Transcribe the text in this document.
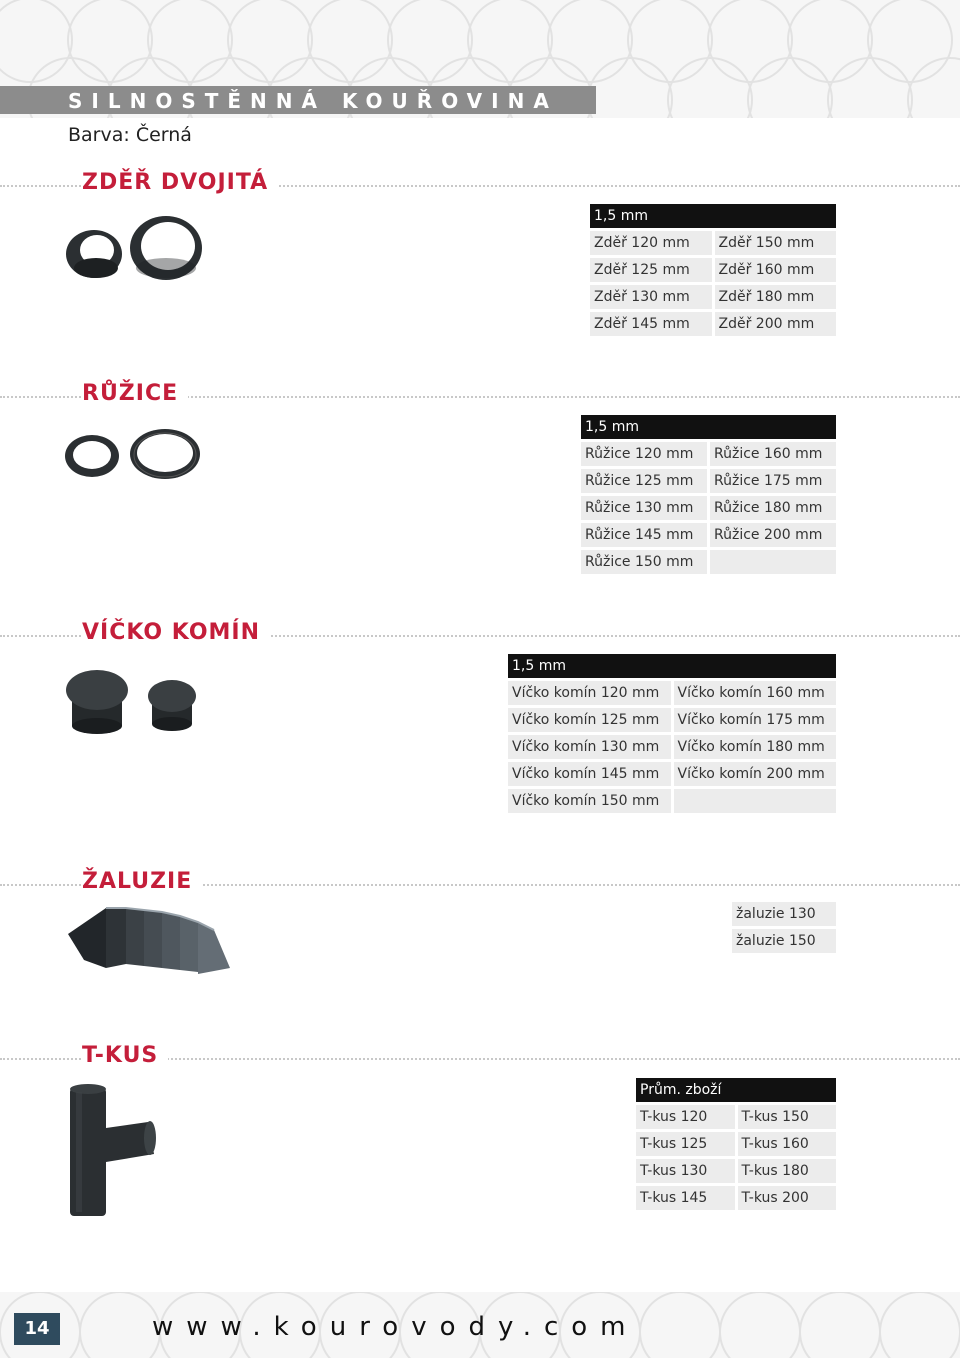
SILNOSTĚNNÁ KOUŘOVINA
Barva: Černá
ZDĚŘ DVOJITÁ
1,5 mm	
Zděř 120 mm	Zděř 150 mm
Zděř 125 mm	Zděř 160 mm
Zděř 130 mm	Zděř 180 mm
Zděř 145 mm	Zděř 200 mm
RŮŽICE
1,5 mm	
Růžice 120 mm	Růžice 160 mm
Růžice 125 mm	Růžice 175 mm
Růžice 130 mm	Růžice 180 mm
Růžice 145 mm	Růžice 200 mm
Růžice 150 mm	
VÍČKO KOMÍN
1,5 mm	
Víčko komín 120 mm	Víčko komín 160 mm
Víčko komín 125 mm	Víčko komín 175 mm
Víčko komín 130 mm	Víčko komín 180 mm
Víčko komín 145 mm	Víčko komín 200 mm
Víčko komín 150 mm	
ŽALUZIE
žaluzie 130
žaluzie 150
T-KUS
Prům. zboží	
T-kus 120	T-kus 150
T-kus 125	T-kus 160
T-kus 130	T-kus 180
T-kus 145	T-kus 200
14	www.kourovody.com
